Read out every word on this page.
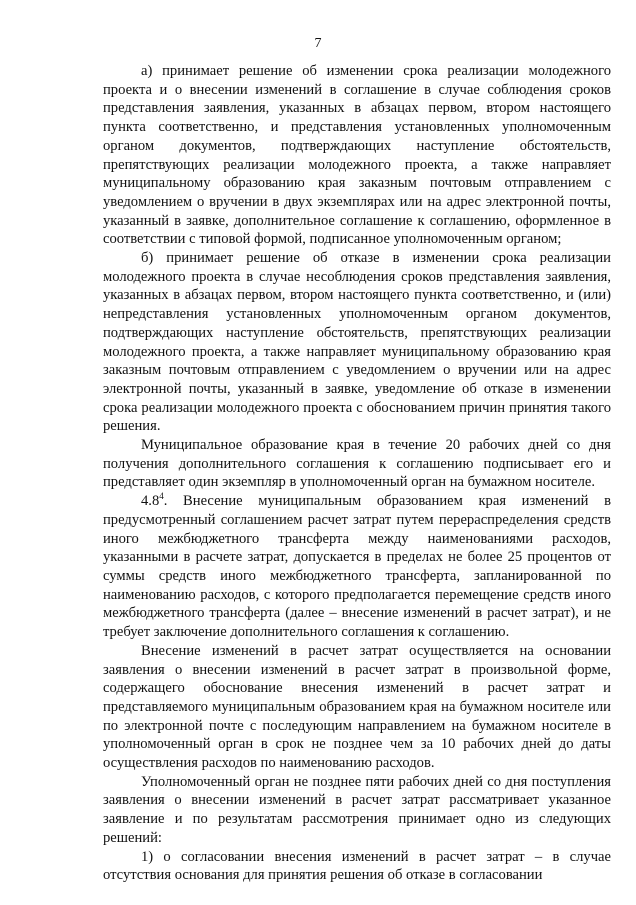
7

а) принимает решение об изменении срока реализации молодежного проекта и о внесении изменений в соглашение в случае соблюдения сроков представления заявления, указанных в абзацах первом, втором настоящего пункта соответственно, и представления установленных уполномоченным органом документов, подтверждающих наступление обстоятельств, препятствующих реализации молодежного проекта, а также направляет муниципальному образованию края заказным почтовым отправлением с уведомлением о вручении в двух экземплярах или на адрес электронной почты, указанный в заявке, дополнительное соглашение к соглашению, оформленное в соответствии с типовой формой, подписанное уполномоченным органом;

б) принимает решение об отказе в изменении срока реализации молодежного проекта в случае несоблюдения сроков представления заявления, указанных в абзацах первом, втором настоящего пункта соответственно, и (или) непредставления установленных уполномоченным органом документов, подтверждающих наступление обстоятельств, препятствующих реализации молодежного проекта, а также направляет муниципальному образованию края заказным почтовым отправлением с уведомлением о вручении или на адрес электронной почты, указанный в заявке, уведомление об отказе в изменении срока реализации молодежного проекта с обоснованием причин принятия такого решения.

Муниципальное образование края в течение 20 рабочих дней со дня получения дополнительного соглашения к соглашению подписывает его и представляет один экземпляр в уполномоченный орган на бумажном носителе.

$4.8^4$. Внесение муниципальным образованием края изменений в предусмотренный соглашением расчет затрат путем перераспределения средств иного межбюджетного трансферта между наименованиями расходов, указанными в расчете затрат, допускается в пределах не более 25 процентов от суммы средств иного межбюджетного трансферта, запланированной по наименованию расходов, с которого предполагается перемещение средств иного межбюджетного трансферта (далее – внесение изменений в расчет затрат), и не требует заключение дополнительного соглашения к соглашению.

Внесение изменений в расчет затрат осуществляется на основании заявления о внесении изменений в расчет затрат в произвольной форме, содержащего обоснование внесения изменений в расчет затрат и представляемого муниципальным образованием края на бумажном носителе или по электронной почте с последующим направлением на бумажном носителе в уполномоченный орган в срок не позднее чем за 10 рабочих дней до даты осуществления расходов по наименованию расходов.

Уполномоченный орган не позднее пяти рабочих дней со дня поступления заявления о внесении изменений в расчет затрат рассматривает указанное заявление и по результатам рассмотрения принимает одно из следующих решений:

1) о согласовании внесения изменений в расчет затрат – в случае отсутствия основания для принятия решения об отказе в согласовании
